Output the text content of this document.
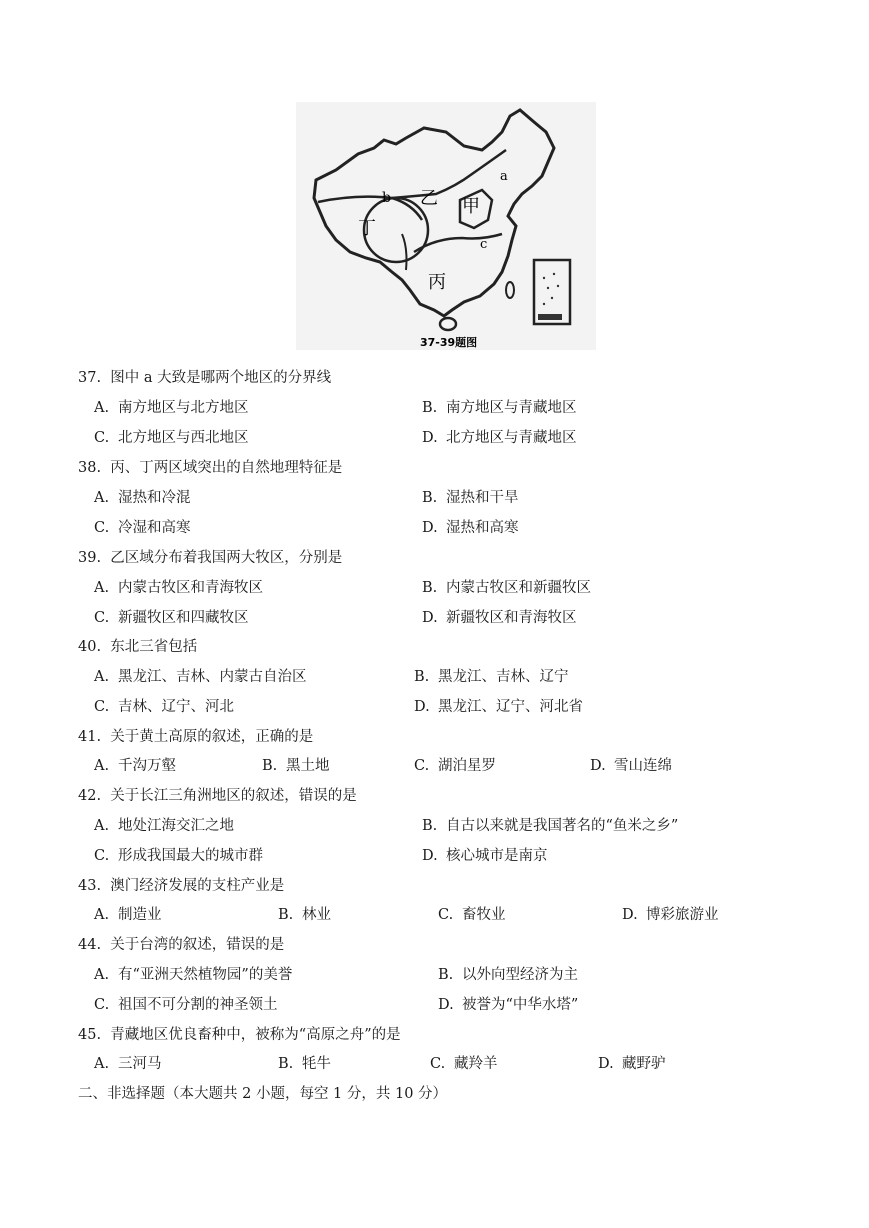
b
a
c
乙 甲
丁
丙
37-39题图
37. 图中 a 大致是哪两个地区的分界线
A. 南方地区与北方地区	B. 南方地区与青藏地区
C. 北方地区与西北地区	D. 北方地区与青藏地区
38. 丙、丁两区域突出的自然地理特征是
A. 湿热和冷混	B. 湿热和干旱
C. 冷湿和高寒	D. 湿热和高寒
39. 乙区域分布着我国两大牧区，分别是
A. 内蒙古牧区和青海牧区	B. 内蒙古牧区和新疆牧区
C. 新疆牧区和四藏牧区	D. 新疆牧区和青海牧区
40. 东北三省包括
A. 黑龙江、吉林、内蒙古自治区	B. 黑龙江、吉林、辽宁
C. 吉林、辽宁、河北	D. 黑龙江、辽宁、河北省
41. 关于黄土高原的叙述，正确的是
A. 千沟万壑	B. 黑土地	C. 湖泊星罗	D. 雪山连绵
42. 关于长江三角洲地区的叙述，错误的是
A. 地处江海交汇之地	B. 自古以来就是我国著名的“鱼米之乡”
C. 形成我国最大的城市群	D. 核心城市是南京
43. 澳门经济发展的支柱产业是
A. 制造业	B. 林业	C. 畜牧业	D. 博彩旅游业
44. 关于台湾的叙述，错误的是
A. 有“亚洲天然植物园”的美誉	B. 以外向型经济为主
C. 祖国不可分割的神圣领土	D. 被誉为“中华水塔”
45. 青藏地区优良畜种中，被称为“高原之舟”的是
A. 三河马	B. 牦牛	C. 藏羚羊	D. 藏野驴
二、非选择题（本大题共 2 小题，每空 1 分，共 10 分）
